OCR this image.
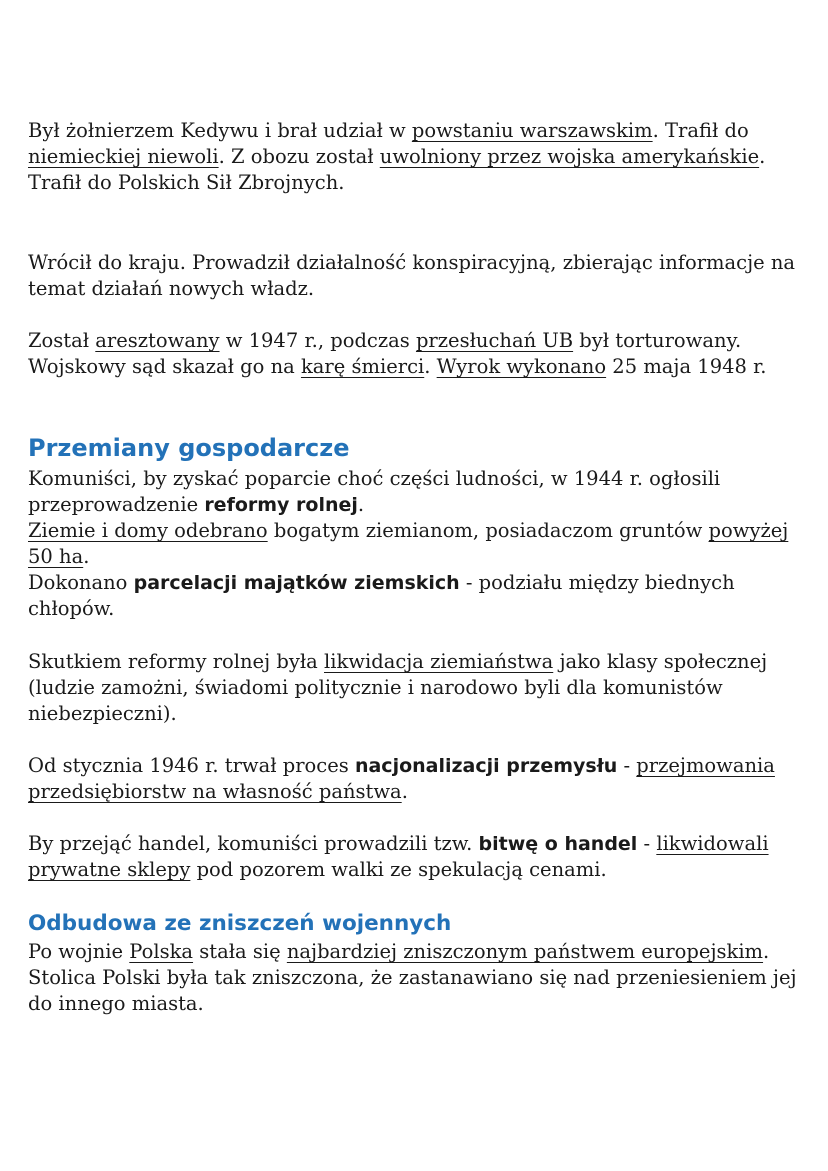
Był żołnierzem Kedywu i brał udział w powstaniu warszawskim. Trafił do niemieckiej niewoli. Z obozu został uwolniony przez wojska amerykańskie.
Trafił do Polskich Sił Zbrojnych.

Wrócił do kraju. Prowadził działalność konspiracyjną, zbierając informacje na temat działań nowych władz.

Został aresztowany w 1947 r., podczas przesłuchań UB był torturowany. Wojskowy sąd skazał go na karę śmierci. Wyrok wykonano 25 maja 1948 r.

Przemiany gospodarcze

Komuniści, by zyskać poparcie choć części ludności, w 1944 r. ogłosili przeprowadzenie reformy rolnej.
Ziemie i domy odebrano bogatym ziemianom, posiadaczom gruntów powyżej 50 ha.
Dokonano parcelacji majątków ziemskich - podziału między biednych chłopów.

Skutkiem reformy rolnej była likwidacja ziemiaństwa jako klasy społecznej (ludzie zamożni, świadomi politycznie i narodowo byli dla komunistów niebezpieczni).

Od stycznia 1946 r. trwał proces nacjonalizacji przemysłu - przejmowania przedsiębiorstw na własność państwa.

By przejąć handel, komuniści prowadzili tzw. bitwę o handel - likwidowali prywatne sklepy pod pozorem walki ze spekulacją cenami.

Odbudowa ze zniszczeń wojennych

Po wojnie Polska stała się najbardziej zniszczonym państwem europejskim. Stolica Polski była tak zniszczona, że zastanawiano się nad przeniesieniem jej do innego miasta.
